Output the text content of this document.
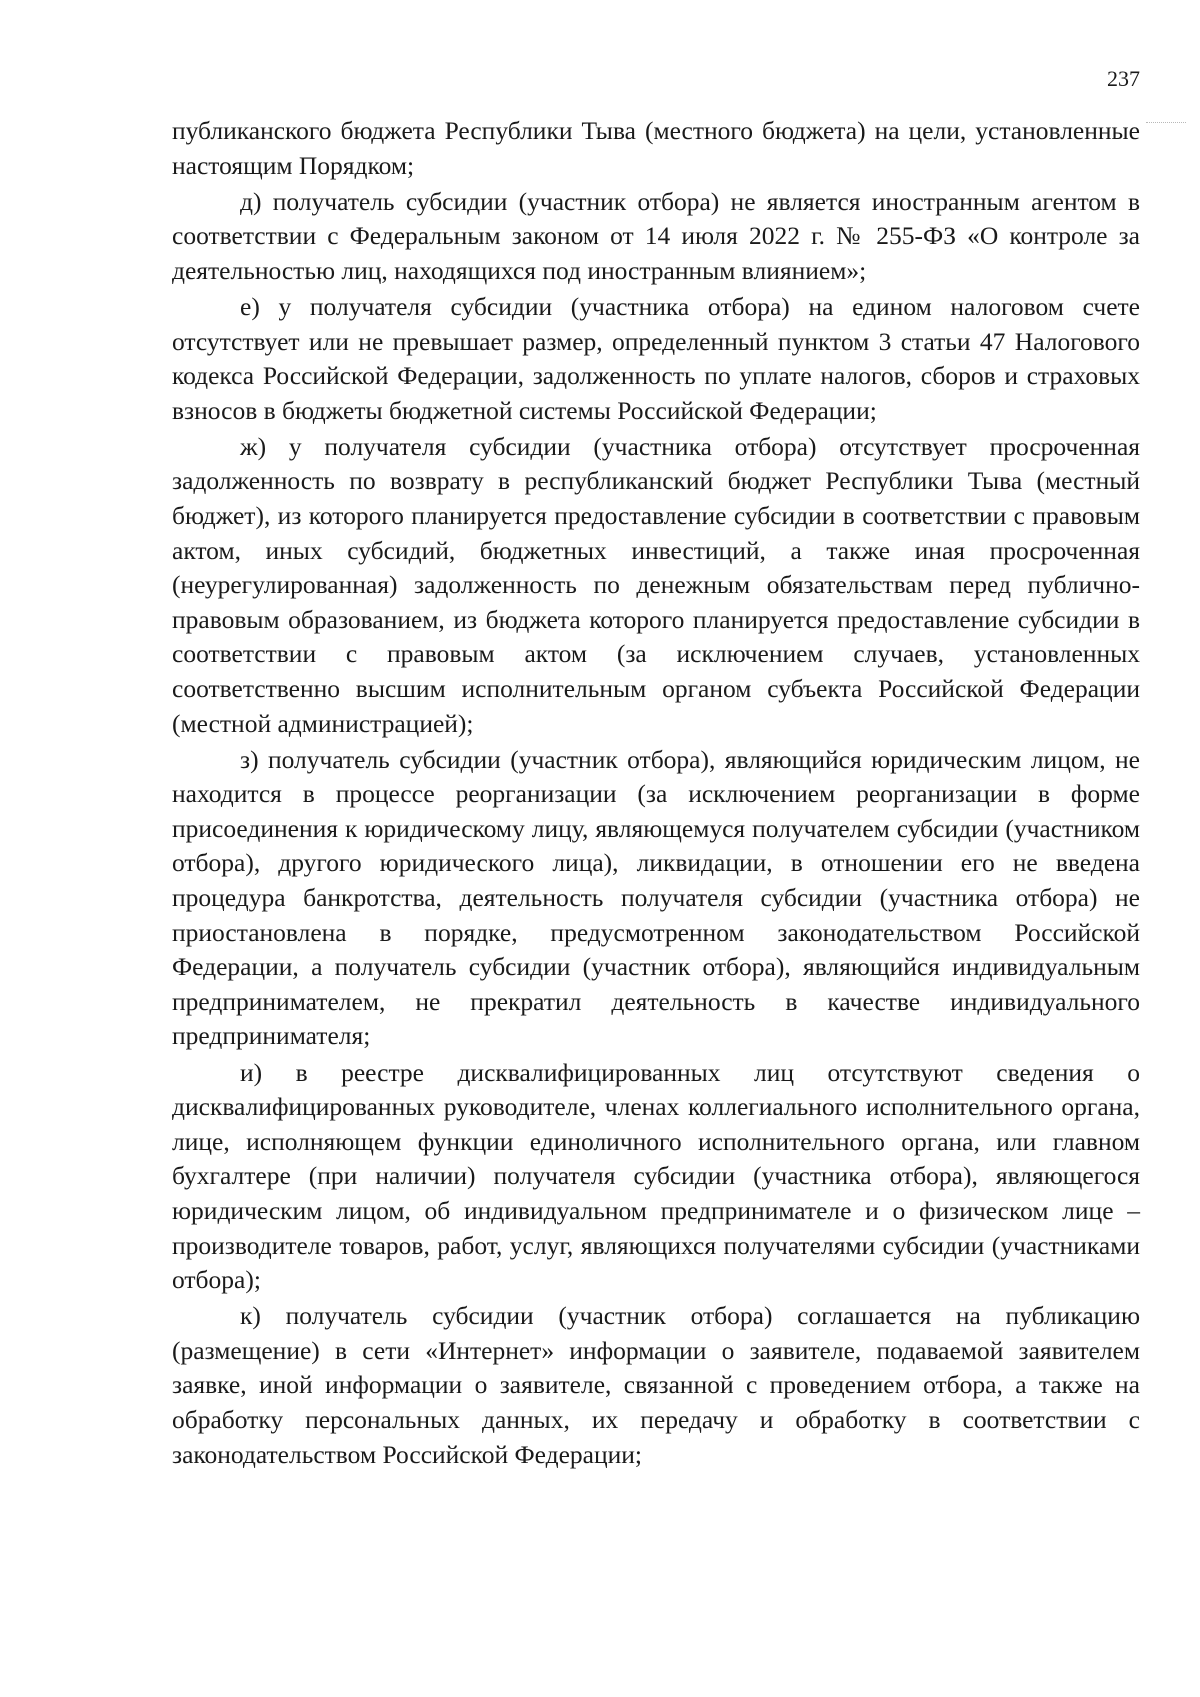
237

публиканского бюджета Республики Тыва (местного бюджета) на цели, установленные настоящим Порядком;

д) получатель субсидии (участник отбора) не является иностранным агентом в соответствии с Федеральным законом от 14 июля 2022 г. № 255-ФЗ «О контроле за деятельностью лиц, находящихся под иностранным влиянием»;

е) у получателя субсидии (участника отбора) на едином налоговом счете отсутствует или не превышает размер, определенный пунктом 3 статьи 47 Налогового кодекса Российской Федерации, задолженность по уплате налогов, сборов и страховых взносов в бюджеты бюджетной системы Российской Федерации;

ж) у получателя субсидии (участника отбора) отсутствует просроченная задолженность по возврату в республиканский бюджет Республики Тыва (местный бюджет), из которого планируется предоставление субсидии в соответствии с правовым актом, иных субсидий, бюджетных инвестиций, а также иная просроченная (неурегулированная) задолженность по денежным обязательствам перед публично-правовым образованием, из бюджета которого планируется предоставление субсидии в соответствии с правовым актом (за исключением случаев, установленных соответственно высшим исполнительным органом субъекта Российской Федерации (местной администрацией);

з) получатель субсидии (участник отбора), являющийся юридическим лицом, не находится в процессе реорганизации (за исключением реорганизации в форме присоединения к юридическому лицу, являющемуся получателем субсидии (участником отбора), другого юридического лица), ликвидации, в отношении его не введена процедура банкротства, деятельность получателя субсидии (участника отбора) не приостановлена в порядке, предусмотренном законодательством Российской Федерации, а получатель субсидии (участник отбора), являющийся индивидуальным предпринимателем, не прекратил деятельность в качестве индивидуального предпринимателя;

и) в реестре дисквалифицированных лиц отсутствуют сведения о дисквалифицированных руководителе, членах коллегиального исполнительного органа, лице, исполняющем функции единоличного исполнительного органа, или главном бухгалтере (при наличии) получателя субсидии (участника отбора), являющегося юридическим лицом, об индивидуальном предпринимателе и о физическом лице – производителе товаров, работ, услуг, являющихся получателями субсидии (участниками отбора);

к) получатель субсидии (участник отбора) соглашается на публикацию (размещение) в сети «Интернет» информации о заявителе, подаваемой заявителем заявке, иной информации о заявителе, связанной с проведением отбора, а также на обработку персональных данных, их передачу и обработку в соответствии с законодательством Российской Федерации;
